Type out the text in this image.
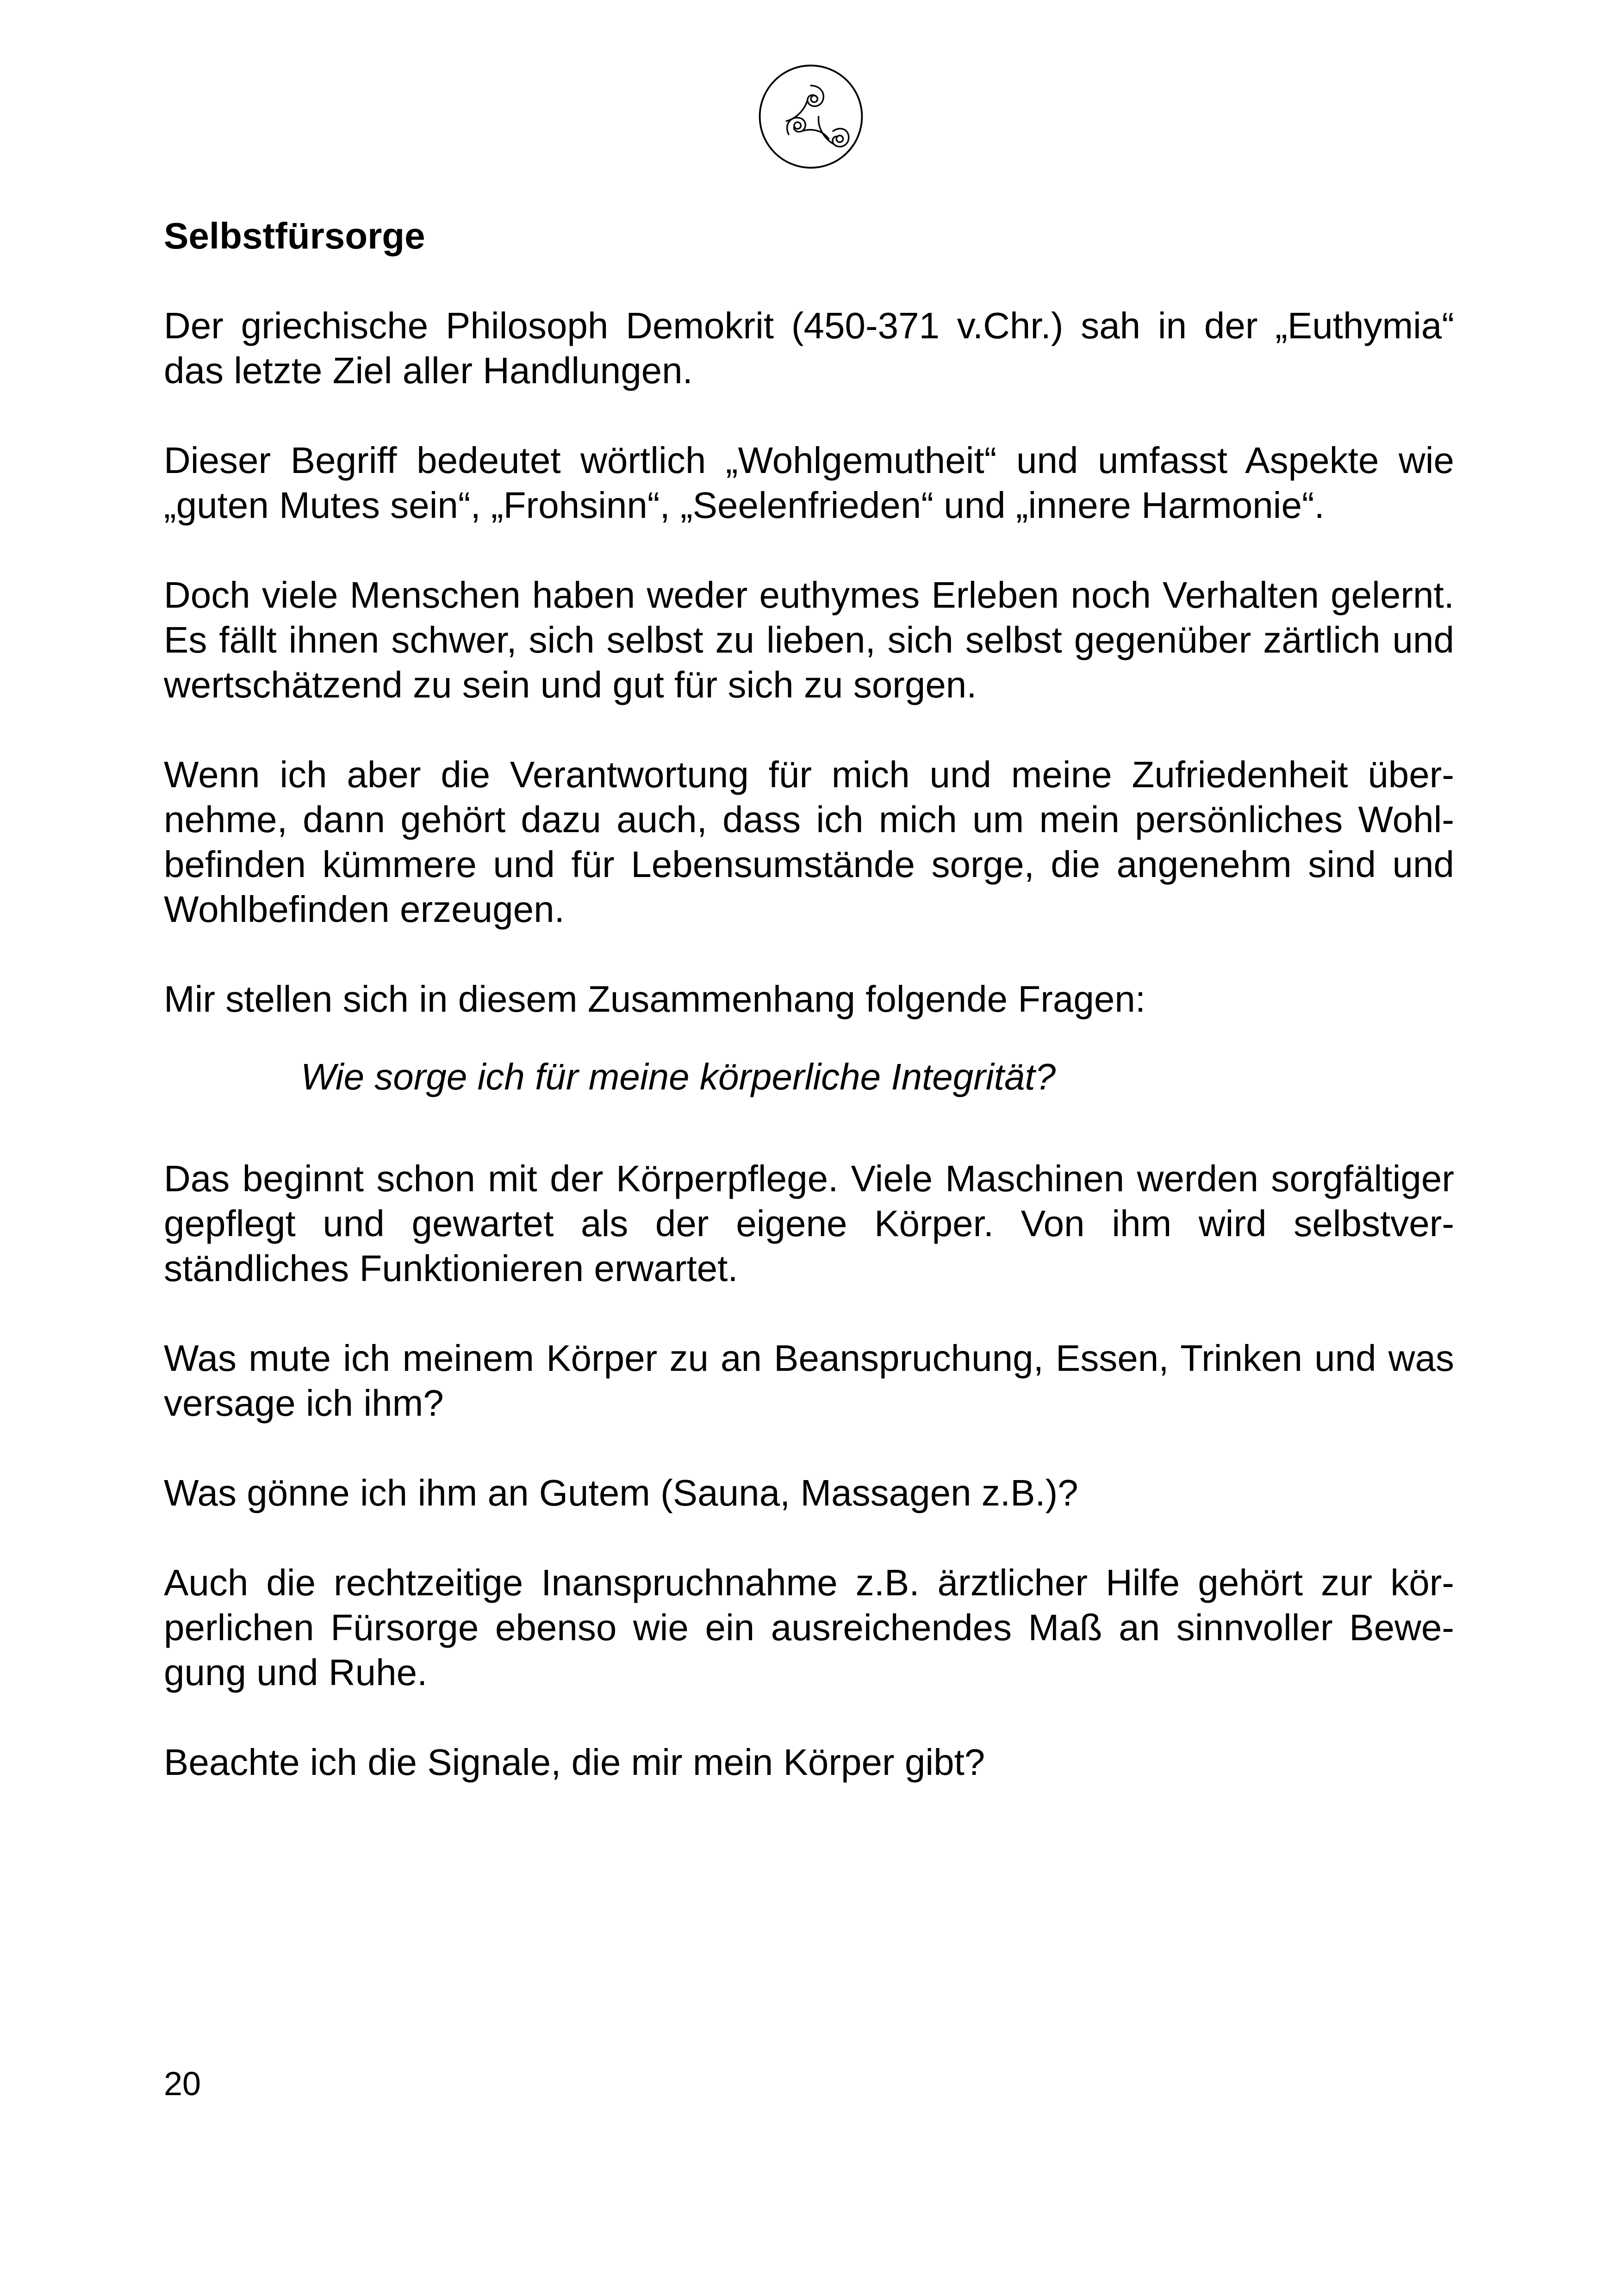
Selbstfürsorge

Der griechische Philosoph Demokrit (450-371 v.Chr.) sah in der „Euthymia“ das letzte Ziel aller Handlungen.

Dieser Begriff bedeutet wörtlich „Wohlgemutheit“ und umfasst Aspekte wie „guten Mutes sein“, „Frohsinn“, „Seelenfrieden“ und „innere Harmonie“.

Doch viele Menschen haben weder euthymes Erleben noch Verhalten gelernt. Es fällt ihnen schwer, sich selbst zu lieben, sich selbst gegenüber zärtlich und wertschätzend zu sein und gut für sich zu sorgen.

Wenn ich aber die Verantwortung für mich und meine Zufriedenheit übernehme, dann gehört dazu auch, dass ich mich um mein persönliches Wohlbefinden kümmere und für Lebensumstände sorge, die angenehm sind und Wohlbefinden erzeugen.

Mir stellen sich in diesem Zusammenhang folgende Fragen:

Wie sorge ich für meine körperliche Integrität?

Das beginnt schon mit der Körperpflege. Viele Maschinen werden sorgfältiger gepflegt und gewartet als der eigene Körper. Von ihm wird selbstverständliches Funktionieren erwartet.

Was mute ich meinem Körper zu an Beanspruchung, Essen, Trinken und was versage ich ihm?

Was gönne ich ihm an Gutem (Sauna, Massagen z.B.)?

Auch die rechtzeitige Inanspruchnahme z.B. ärztlicher Hilfe gehört zur körperlichen Fürsorge ebenso wie ein ausreichendes Maß an sinnvoller Bewegung und Ruhe.

Beachte ich die Signale, die mir mein Körper gibt?

20
